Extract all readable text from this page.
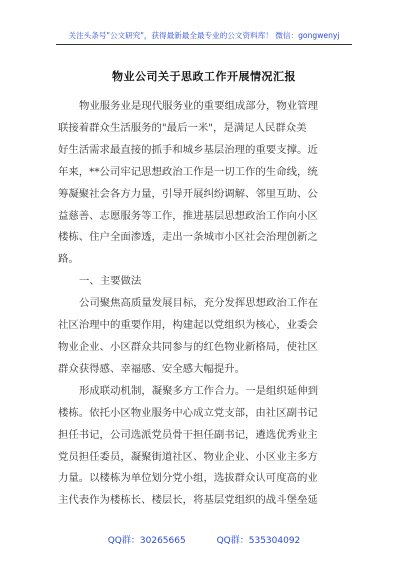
关注头条号"公文研究"，获得最新最全最专业的公文资料库！ 微信：gongwenyj
物业公司关于思政工作开展情况汇报
物业服务业是现代服务业的重要组成部分，物业管理
联接着群众生活服务的"最后一米"，是满足人民群众美
好生活需求最直接的抓手和城乡基层治理的重要支撑。近
年来，**公司牢记思想政治工作是一切工作的生命线，统
筹凝聚社会各方力量，引导开展纠纷调解、邻里互助、公
益慈善、志愿服务等工作，推进基层思想政治工作向小区
楼栋、住户全面渗透，走出一条城市小区社会治理创新之
路。
一、主要做法
公司聚焦高质量发展目标，充分发挥思想政治工作在
社区治理中的重要作用，构建起以党组织为核心，业委会
物业企业、小区群众共同参与的红色物业新格局，使社区
群众获得感、幸福感、安全感大幅提升。
形成联动机制，凝聚多方工作合力。一是组织延伸到
楼栋。依托小区物业服务中心成立党支部，由社区副书记
担任书记，公司选派党员骨干担任副书记，遴选优秀业主
党员担任委员，凝聚街道社区、物业企业、小区业主多方
力量。以楼栋为单位划分党小组，选拔群众认可度高的业
主代表作为楼栋长、楼层长，将基层党组织的战斗堡垒延
QQ群：30265665	QQ群：535304092
